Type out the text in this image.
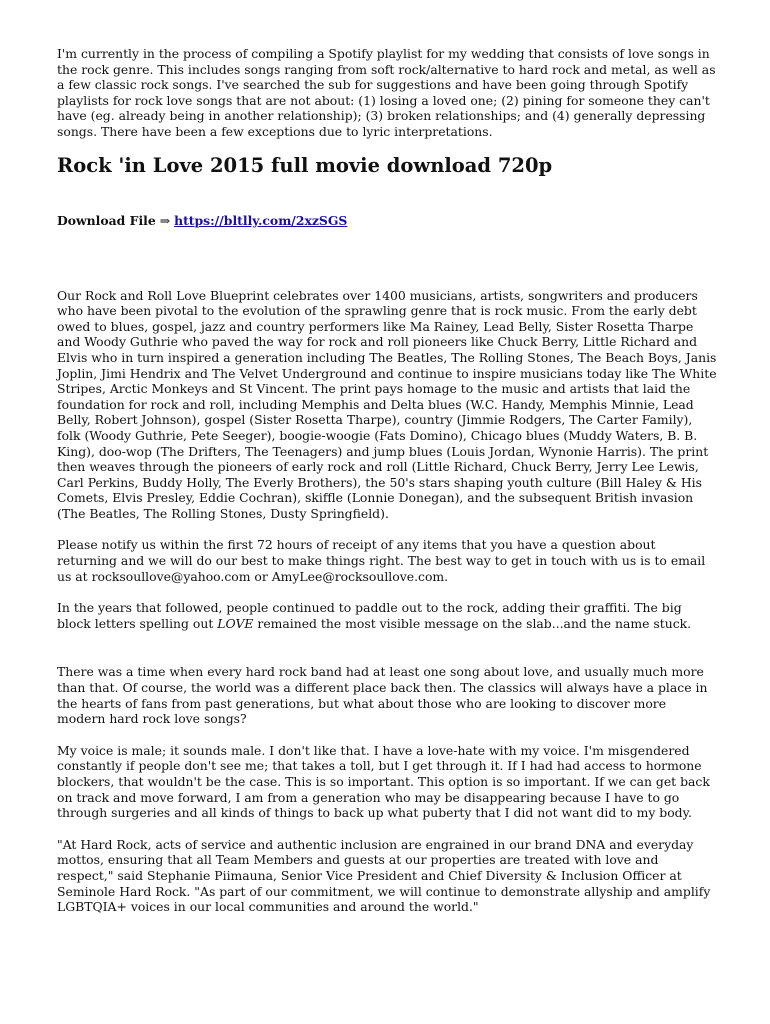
I'm currently in the process of compiling a Spotify playlist for my wedding that consists of love songs in the rock genre. This includes songs ranging from soft rock/alternative to hard rock and metal, as well as a few classic rock songs. I've searched the sub for suggestions and have been going through Spotify playlists for rock love songs that are not about: (1) losing a loved one; (2) pining for someone they can't have (eg. already being in another relationship); (3) broken relationships; and (4) generally depressing songs. There have been a few exceptions due to lyric interpretations.

Rock 'in Love 2015 full movie download 720p
Download File ⇒ https://bltlly.com/2xzSGS

Our Rock and Roll Love Blueprint celebrates over 1400 musicians, artists, songwriters and producers who have been pivotal to the evolution of the sprawling genre that is rock music. From the early debt owed to blues, gospel, jazz and country performers like Ma Rainey, Lead Belly, Sister Rosetta Tharpe and Woody Guthrie who paved the way for rock and roll pioneers like Chuck Berry, Little Richard and Elvis who in turn inspired a generation including The Beatles, The Rolling Stones, The Beach Boys, Janis Joplin, Jimi Hendrix and The Velvet Underground and continue to inspire musicians today like The White Stripes, Arctic Monkeys and St Vincent. The print pays homage to the music and artists that laid the foundation for rock and roll, including Memphis and Delta blues (W.C. Handy, Memphis Minnie, Lead Belly, Robert Johnson), gospel (Sister Rosetta Tharpe), country (Jimmie Rodgers, The Carter Family), folk (Woody Guthrie, Pete Seeger), boogie-woogie (Fats Domino), Chicago blues (Muddy Waters, B. B. King), doo-wop (The Drifters, The Teenagers) and jump blues (Louis Jordan, Wynonie Harris). The print then weaves through the pioneers of early rock and roll (Little Richard, Chuck Berry, Jerry Lee Lewis, Carl Perkins, Buddy Holly, The Everly Brothers), the 50's stars shaping youth culture (Bill Haley & His Comets, Elvis Presley, Eddie Cochran), skiffle (Lonnie Donegan), and the subsequent British invasion (The Beatles, The Rolling Stones, Dusty Springfield).

Please notify us within the first 72 hours of receipt of any items that you have a question about returning and we will do our best to make things right. The best way to get in touch with us is to email us at rocksoullove@yahoo.com or AmyLee@rocksoullove.com.

In the years that followed, people continued to paddle out to the rock, adding their graffiti. The big block letters spelling out LOVE remained the most visible message on the slab...and the name stuck.

There was a time when every hard rock band had at least one song about love, and usually much more than that. Of course, the world was a different place back then. The classics will always have a place in the hearts of fans from past generations, but what about those who are looking to discover more modern hard rock love songs?

My voice is male; it sounds male. I don't like that. I have a love-hate with my voice. I'm misgendered constantly if people don't see me; that takes a toll, but I get through it. If I had had access to hormone blockers, that wouldn't be the case. This is so important. This option is so important. If we can get back on track and move forward, I am from a generation who may be disappearing because I have to go through surgeries and all kinds of things to back up what puberty that I did not want did to my body.

"At Hard Rock, acts of service and authentic inclusion are engrained in our brand DNA and everyday mottos, ensuring that all Team Members and guests at our properties are treated with love and respect," said Stephanie Piimauna, Senior Vice President and Chief Diversity & Inclusion Officer at Seminole Hard Rock. "As part of our commitment, we will continue to demonstrate allyship and amplify LGBTQIA+ voices in our local communities and around the world."
